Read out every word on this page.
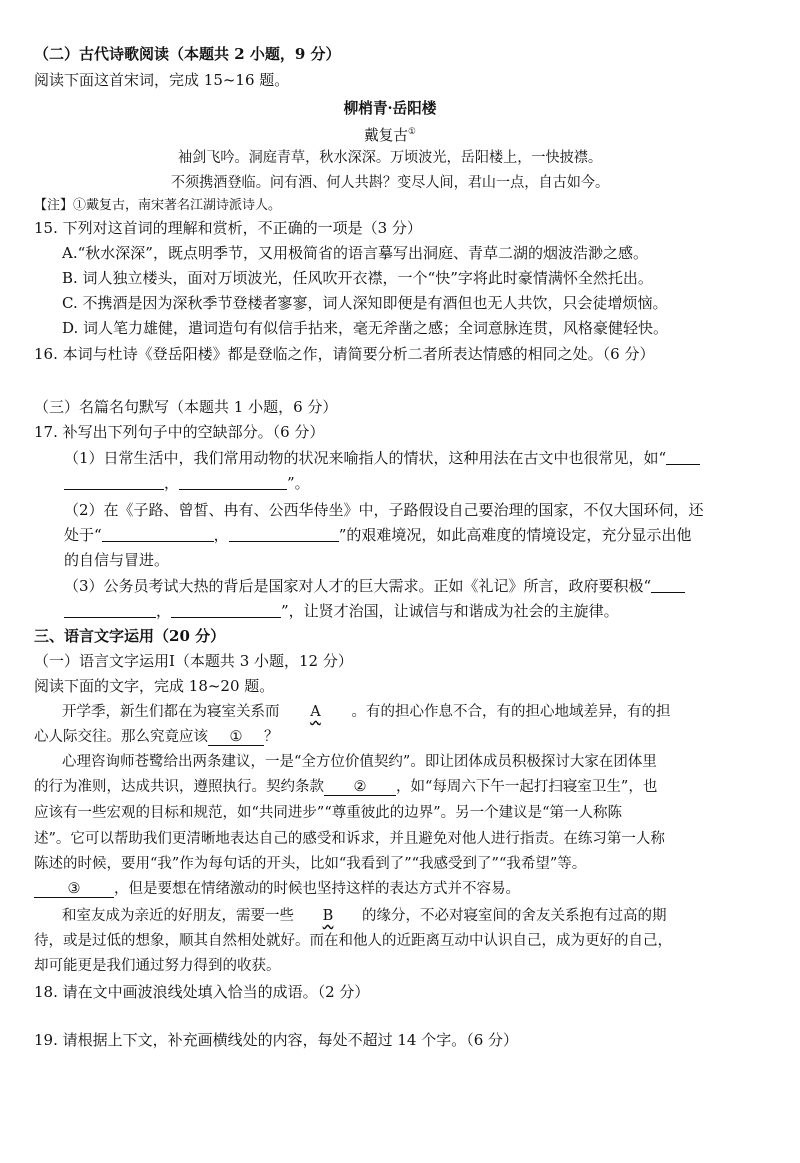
（二）古代诗歌阅读（本题共 2 小题，9 分）
阅读下面这首宋词，完成 15~16 题。
柳梢青·岳阳楼
戴复古①
袖剑飞吟。洞庭青草，秋水深深。万顷波光，岳阳楼上，一快披襟。
不须携酒登临。问有酒、何人共斟？变尽人间，君山一点，自古如今。
【注】①戴复古，南宋著名江湖诗派诗人。
15. 下列对这首词的理解和赏析，不正确的一项是（3 分）
A.“秋水深深”，既点明季节，又用极简省的语言摹写出洞庭、青草二湖的烟波浩渺之感。
B. 词人独立楼头，面对万顷波光，任风吹开衣襟，一个“快”字将此时豪情满怀全然托出。
C. 不携酒是因为深秋季节登楼者寥寥，词人深知即便是有酒但也无人共饮，只会徒增烦恼。
D. 词人笔力雄健，遣词造句有似信手拈来，毫无斧凿之感；全词意脉连贯，风格豪健轻快。
16. 本词与杜诗《登岳阳楼》都是登临之作，请简要分析二者所表达情感的相同之处。（6 分）
（三）名篇名句默写（本题共 1 小题，6 分）
17. 补写出下列句子中的空缺部分。（6 分）
（1）日常生活中，我们常用动物的状况来喻指人的情状，这种用法在古文中也很常见，如“
，	”。
（2）在《子路、曾皙、冉有、公西华侍坐》中，子路假设自己要治理的国家，不仅大国环伺，还
处于“	，	”的艰难境况，如此高难度的情境设定，充分显示出他
的自信与冒进。
（3）公务员考试大热的背后是国家对人才的巨大需求。正如《礼记》所言，政府要积极“
，	”，让贤才治国，让诚信与和谐成为社会的主旋律。
三、语言文字运用（20 分）
（一）语言文字运用Ⅰ（本题共 3 小题，12 分）
阅读下面的文字，完成 18~20 题。
开学季，新生们都在为寝室关系而 A 。有的担心作息不合，有的担心地域差异，有的担
心人际交往。那么究竟应该 ① ？
心理咨询师苍鹭给出两条建议，一是“全方位价值契约”。即让团体成员积极探讨大家在团体里
的行为准则，达成共识，遵照执行。契约条款 ② ，如“每周六下午一起打扫寝室卫生”，也
应该有一些宏观的目标和规范，如“共同进步”“尊重彼此的边界”。另一个建议是“第一人称陈
述”。它可以帮助我们更清晰地表达自己的感受和诉求，并且避免对他人进行指责。在练习第一人称
陈述的时候，要用“我”作为每句话的开头，比如“我看到了”“我感受到了”“我希望”等。
③ ，但是要想在情绪激动的时候也坚持这样的表达方式并不容易。
和室友成为亲近的好朋友，需要一些 B 的缘分，不必对寝室间的舍友关系抱有过高的期
待，或是过低的想象，顺其自然相处就好。而在和他人的近距离互动中认识自己，成为更好的自己，
却可能更是我们通过努力得到的收获。
18. 请在文中画波浪线处填入恰当的成语。（2 分）
19. 请根据上下文，补充画横线处的内容，每处不超过 14 个字。（6 分）
